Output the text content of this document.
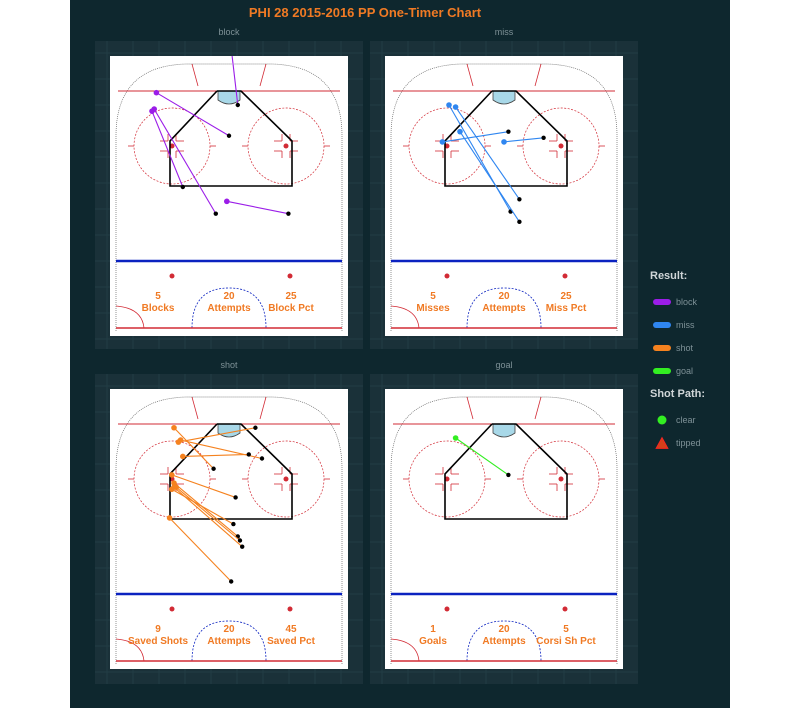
PHI 28 2015-2016 PP One-Timer Chart
block
5
Blocks
20
Attempts
25
Block Pct
miss
5
Misses
20
Attempts
25
Miss Pct
shot
9
Saved Shots
20
Attempts
45
Saved Pct
goal
1
Goals
20
Attempts
5
Corsi Sh Pct
Result:
block
miss
shot
goal
Shot Path:
clear
tipped
